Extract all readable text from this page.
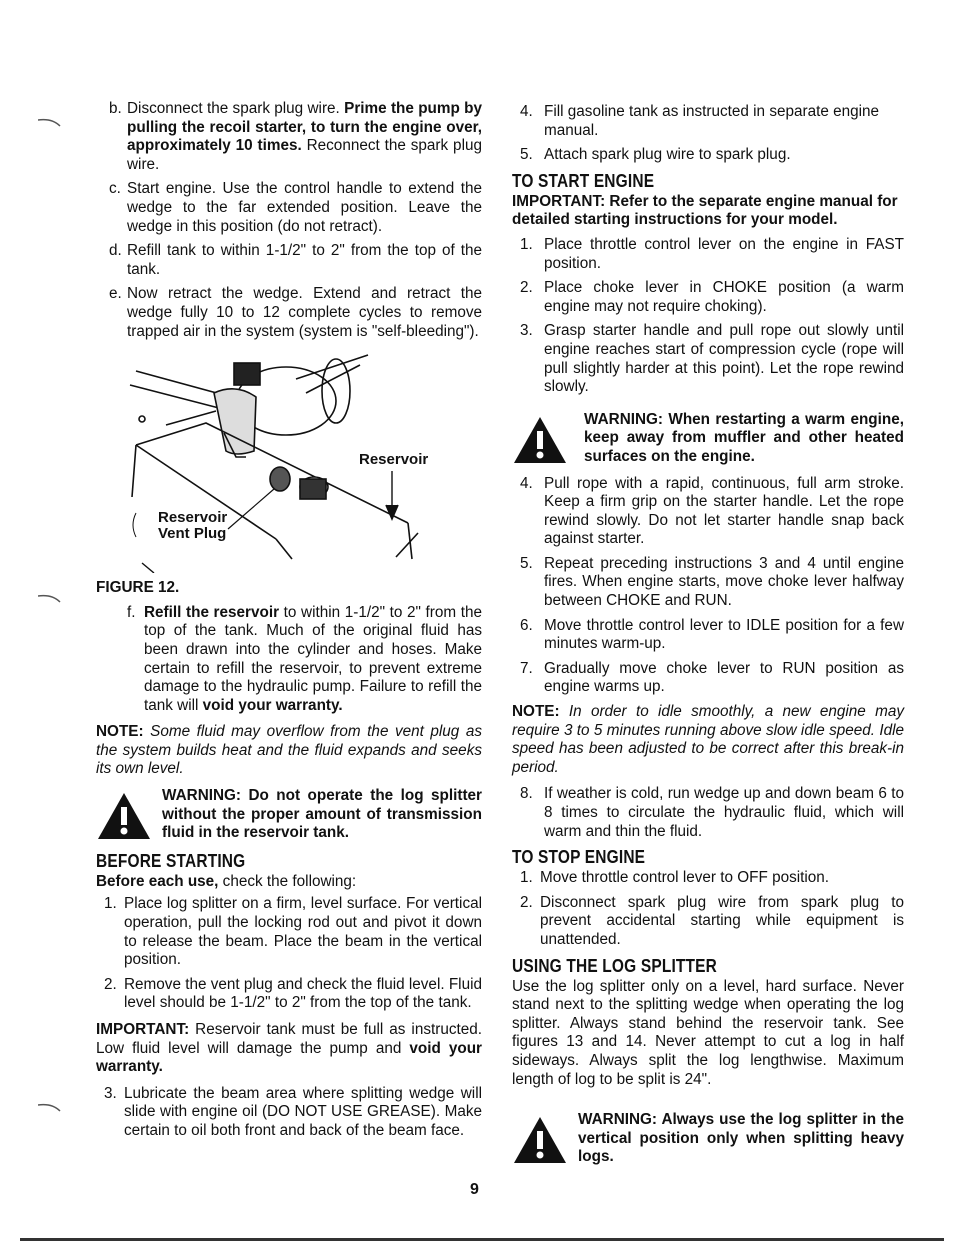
b. Disconnect the spark plug wire. Prime the pump by pulling the recoil starter, to turn the engine over, approximately 10 times. Reconnect the spark plug wire.
c. Start engine. Use the control handle to extend the wedge to the far extended position. Leave the wedge in this position (do not retract).
d. Refill tank to within 1-1/2" to 2" from the top of the tank.
e. Now retract the wedge. Extend and retract the wedge fully 10 to 12 complete cycles to remove trapped air in the system (system is "self-bleeding").
Reservoir
Reservoir
Vent Plug
FIGURE 12.
f. Refill the reservoir to within 1-1/2" to 2" from the top of the tank. Much of the original fluid has been drawn into the cylinder and hoses. Make certain to refill the reservoir, to prevent extreme damage to the hydraulic pump. Failure to refill the tank will void your warranty.
NOTE: Some fluid may overflow from the vent plug as the system builds heat and the fluid expands and seeks its own level.
WARNING: Do not operate the log splitter without the proper amount of transmission fluid in the reservoir tank.
BEFORE STARTING
Before each use, check the following:
1. Place log splitter on a firm, level surface. For vertical operation, pull the locking rod out and pivot it down to release the beam. Place the beam in the vertical position.
2. Remove the vent plug and check the fluid level. Fluid level should be 1-1/2" to 2" from the top of the tank.
IMPORTANT: Reservoir tank must be full as instructed. Low fluid level will damage the pump and void your warranty.
3. Lubricate the beam area where splitting wedge will slide with engine oil (DO NOT USE GREASE). Make certain to oil both front and back of the beam face.
4. Fill gasoline tank as instructed in separate engine manual.
5. Attach spark plug wire to spark plug.
TO START ENGINE
IMPORTANT: Refer to the separate engine manual for detailed starting instructions for your model.
1. Place throttle control lever on the engine in FAST position.
2. Place choke lever in CHOKE position (a warm engine may not require choking).
3. Grasp starter handle and pull rope out slowly until engine reaches start of compression cycle (rope will pull slightly harder at this point). Let the rope rewind slowly.
WARNING: When restarting a warm engine, keep away from muffler and other heated surfaces on the engine.
4. Pull rope with a rapid, continuous, full arm stroke. Keep a firm grip on the starter handle. Let the rope rewind slowly. Do not let starter handle snap back against starter.
5. Repeat preceding instructions 3 and 4 until engine fires. When engine starts, move choke lever halfway between CHOKE and RUN.
6. Move throttle control lever to IDLE position for a few minutes warm-up.
7. Gradually move choke lever to RUN position as engine warms up.
NOTE: In order to idle smoothly, a new engine may require 3 to 5 minutes running above slow idle speed. Idle speed has been adjusted to be correct after this break-in period.
8. If weather is cold, run wedge up and down beam 6 to 8 times to circulate the hydraulic fluid, which will warm and thin the fluid.
TO STOP ENGINE
1. Move throttle control lever to OFF position.
2. Disconnect spark plug wire from spark plug to prevent accidental starting while equipment is unattended.
USING THE LOG SPLITTER
Use the log splitter only on a level, hard surface. Never stand next to the splitting wedge when operating the log splitter. Always stand behind the reservoir tank. See figures 13 and 14. Never attempt to cut a log in half sideways. Always split the log lengthwise. Maximum length of log to be split is 24".
WARNING: Always use the log splitter in the vertical position only when splitting heavy logs.
9
